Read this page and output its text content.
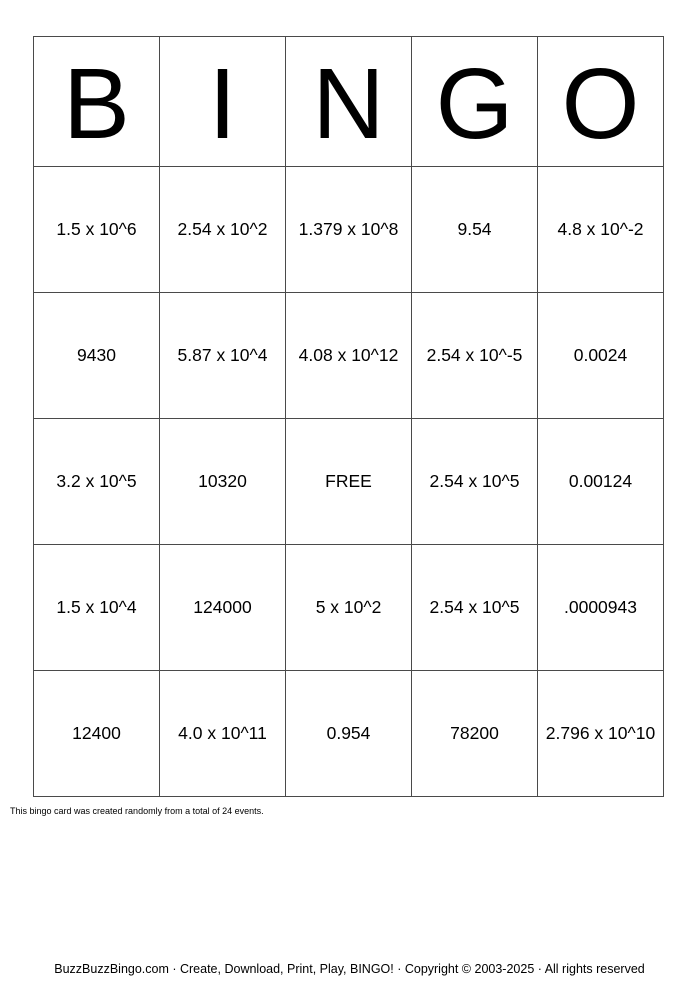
B	I	N	G	O
1.5 x 10^6	2.54 x 10^2	1.379 x 10^8	9.54	4.8 x 10^-2
9430	5.87 x 10^4	4.08 x 10^12	2.54 x 10^-5	0.0024
3.2 x 10^5	10320	FREE	2.54 x 10^5	0.00124
1.5 x 10^4	124000	5 x 10^2	2.54 x 10^5	.0000943
12400	4.0 x 10^11	0.954	78200	2.796 x 10^10
This bingo card was created randomly from a total of 24 events.
BuzzBuzzBingo.com · Create, Download, Print, Play, BINGO! · Copyright © 2003-2025 · All rights reserved
